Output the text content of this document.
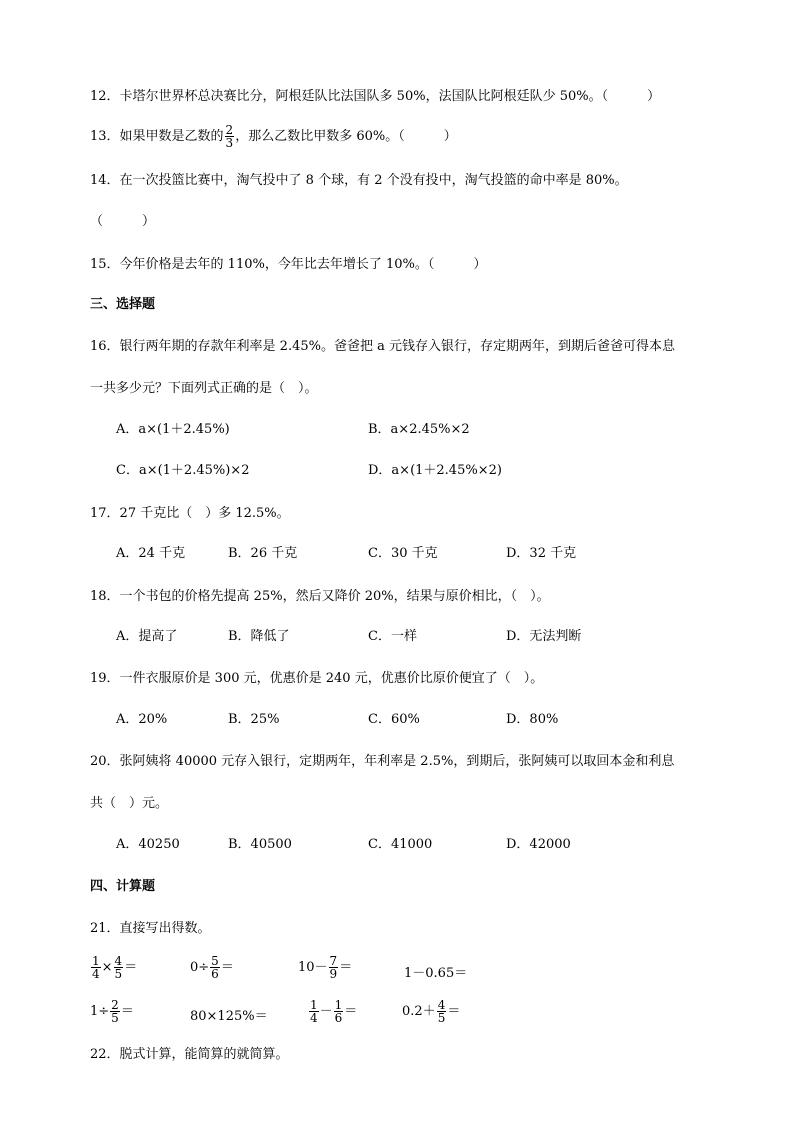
12．卡塔尔世界杯总决赛比分，阿根廷队比法国队多 50%，法国队比阿根廷队少 50%。（　　　）
13．如果甲数是乙数的 $\frac{2}{3}$ ，那么乙数比甲数多 60%。（　　　）
14．在一次投篮比赛中，淘气投中了 8 个球，有 2 个没有投中，淘气投篮的命中率是 80%。
（　　　）
15．今年价格是去年的 110%，今年比去年增长了 10%。（　　　）
三、选择题
16．银行两年期的存款年利率是 2.45%。爸爸把 a 元钱存入银行，存定期两年，到期后爸爸可得本息
一共多少元？下面列式正确的是（　）。
A．a×(1＋2.45%)	B．a×2.45%×2
C．a×(1＋2.45%)×2	D．a×(1＋2.45%×2)
17．27 千克比（　）多 12.5%。
A．24 千克	B．26 千克	C．30 千克	D．32 千克
18．一个书包的价格先提高 25%，然后又降价 20%，结果与原价相比，（　）。
A．提高了	B．降低了	C．一样	D．无法判断
19．一件衣服原价是 300 元，优惠价是 240 元，优惠价比原价便宜了（　）。
A．20%	B．25%	C．60%	D．80%
20．张阿姨将 40000 元存入银行，定期两年，年利率是 2.5%，到期后，张阿姨可以取回本金和利息
共（　）元。
A．40250	B．40500	C．41000	D．42000
四、计算题
21．直接写出得数。
$\frac{1}{4} \times \frac{4}{5}$ ＝	$0\div \frac{5}{6}$ ＝	$10- \frac{7}{9}$ ＝	1－0.65＝
$1\div \frac{2}{5}$ ＝	80×125%＝	$\frac{1}{4} - \frac{1}{6}$ ＝	$0.2+ \frac{4}{5}$ ＝
22．脱式计算，能简算的就简算。
